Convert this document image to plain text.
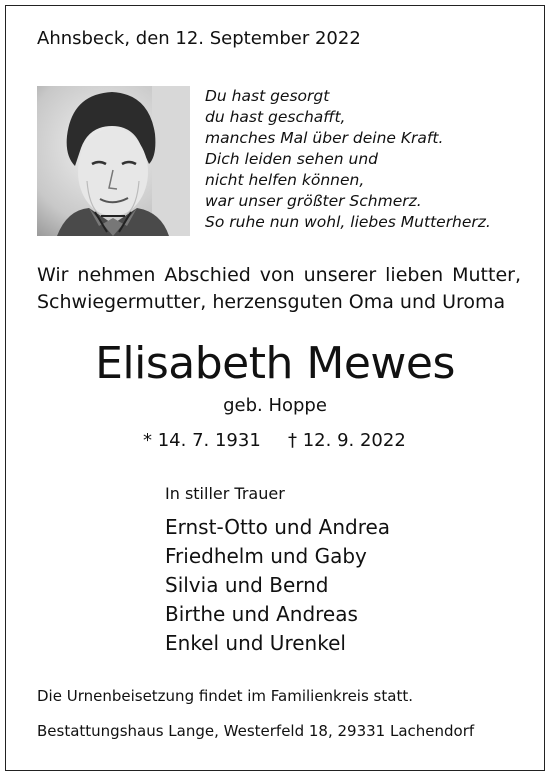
Ahnsbeck, den 12. September 2022
Du hast gesorgt
du hast geschafft,
manches Mal über deine Kraft.
Dich leiden sehen und
nicht helfen können,
war unser größter Schmerz.
So ruhe nun wohl, liebes Mutterherz.
Wir nehmen Abschied von unserer lieben Mutter,
Schwiegermutter, herzensguten Oma und Uroma
Elisabeth Mewes
geb. Hoppe
* 14. 7. 1931 † 12. 9. 2022
In stiller Trauer
Ernst-Otto und Andrea
Friedhelm und Gaby
Silvia und Bernd
Birthe und Andreas
Enkel und Urenkel
Die Urnenbeisetzung findet im Familienkreis statt.
Bestattungshaus Lange, Westerfeld 18, 29331 Lachendorf
